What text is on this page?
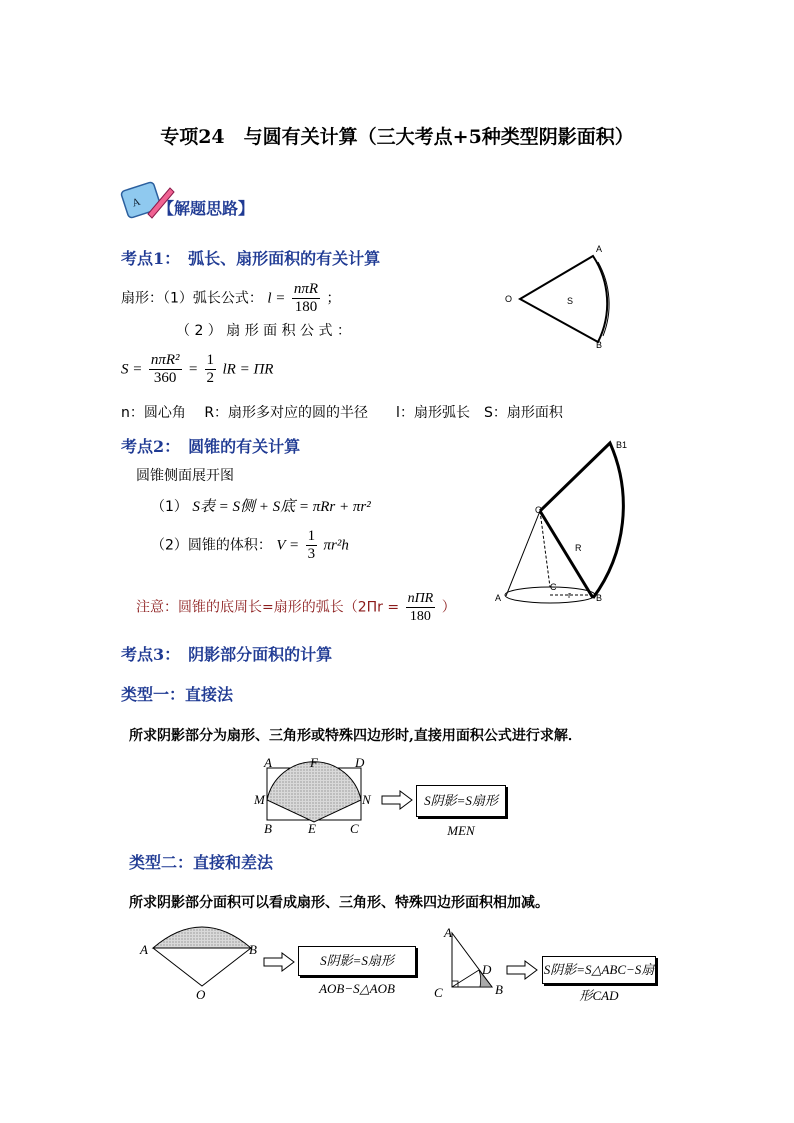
专项24　与圆有关计算（三大考点+5种类型阴影面积）
A 【解题思路】
考点1：　弧长、扇形面积的有关计算
扇形：（1）弧长公式： $l = \frac{\text{nπR}}{180}$ ；
（ 2 ） 扇 形 面 积 公 式 ：
$S = \frac{\text{nπR²}}{360} = \frac{1}{2}$ lR = ΠR
n：圆心角　 R：扇形多对应的圆的半径　　l：扇形弧长　S：扇形面积
A
O	S	l
B
考点2：　圆锥的有关计算
圆锥侧面展开图
（1） S表 = S侧 + S底 = πRr + πr²
（2）圆锥的体积： $V = \frac{1}{3} \pi r^2h$
注意：圆锥的底周长=扇形的弧长（$2\Pi r = \frac{\text{nΠR}}{180}$ ）
B1
O
R
C
r
A	B
考点3：　阴影部分面积的计算
类型一：直接法
所求阴影部分为扇形、三角形或特殊四边形时,直接用面积公式进行求解．
A	F	D
M	N
B	E	C
S阴影=S扇形MEN
类型二：直接和差法
所求阴影部分面积可以看成扇形、三角形、特殊四边形面积相加减。
A	B
O
S阴影=S扇形AOB−S△AOB
A
D
C	B
S阴影=S△ABC−S扇形CAD
